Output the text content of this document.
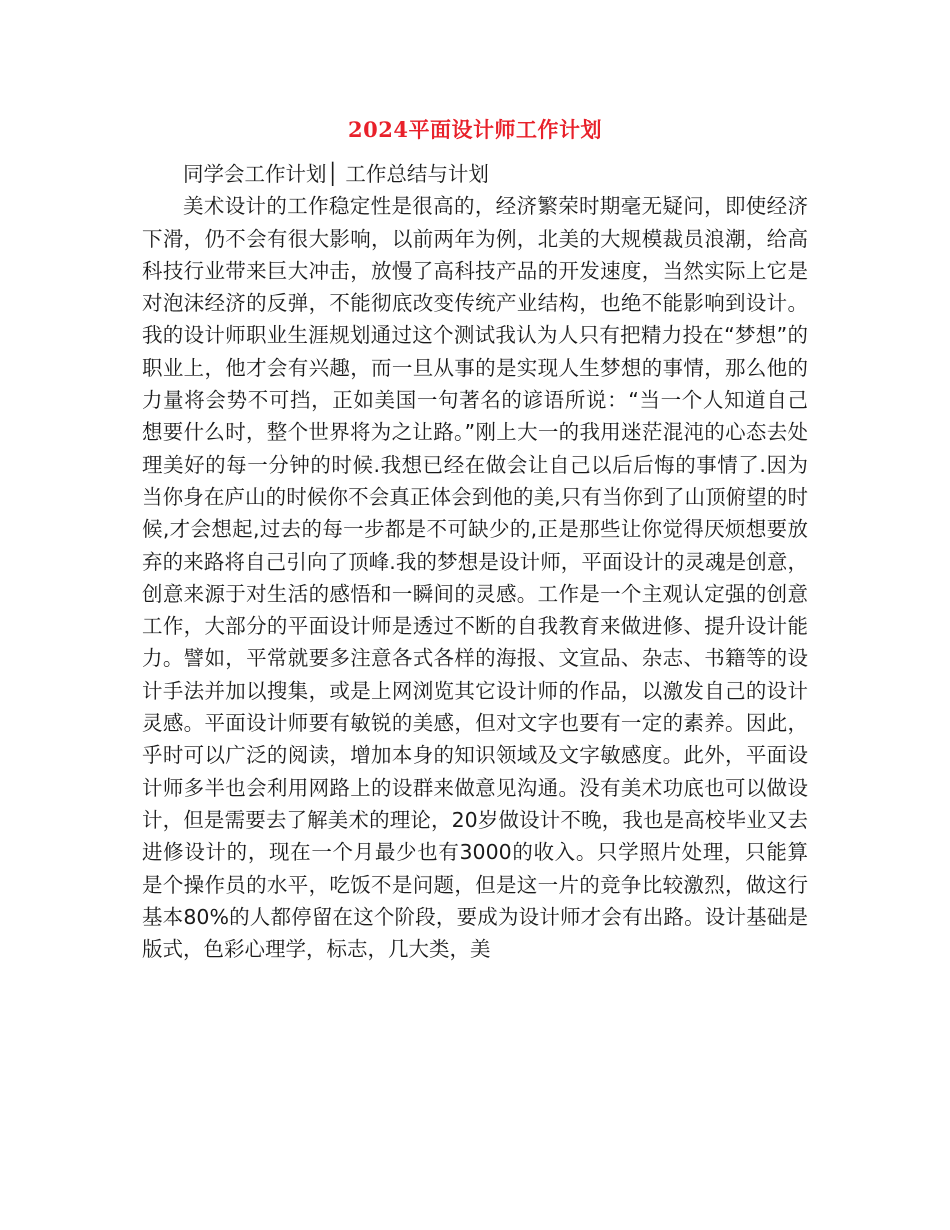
2024平面设计师工作计划

同学会工作计划│ 工作总结与计划

美术设计的工作稳定性是很高的，经济繁荣时期毫无疑问，即使经济下滑，仍不会有很大影响，以前两年为例，北美的大规模裁员浪潮，给高科技行业带来巨大冲击，放慢了高科技产品的开发速度，当然实际上它是对泡沫经济的反弹，不能彻底改变传统产业结构，也绝不能影响到设计。我的设计师职业生涯规划通过这个测试我认为人只有把精力投在“梦想”的职业上，他才会有兴趣，而一旦从事的是实现人生梦想的事情，那么他的力量将会势不可挡，正如美国一句著名的谚语所说：“当一个人知道自己想要什么时，整个世界将为之让路。”刚上大一的我用迷茫混沌的心态去处理美好的每一分钟的时候.我想已经在做会让自己以后后悔的事情了.因为当你身在庐山的时候你不会真正体会到他的美,只有当你到了山顶俯望的时候,才会想起,过去的每一步都是不可缺少的,正是那些让你觉得厌烦想要放弃的来路将自己引向了顶峰.我的梦想是设计师，平面设计的灵魂是创意，创意来源于对生活的感悟和一瞬间的灵感。工作是一个主观认定强的创意工作，大部分的平面设计师是透过不断的自我教育来做进修、提升设计能力。譬如，平常就要多注意各式各样的海报、文宣品、杂志、书籍等的设计手法并加以搜集，或是上网浏览其它设计师的作品，以激发自己的设计灵感。平面设计师要有敏锐的美感，但对文字也要有一定的素养。因此，乎时可以广泛的阅读，增加本身的知识领域及文字敏感度。此外，平面设计师多半也会利用网路上的设群来做意见沟通。没有美术功底也可以做设计，但是需要去了解美术的理论，20岁做设计不晚，我也是高校毕业又去进修设计的，现在一个月最少也有3000的收入。只学照片处理，只能算是个操作员的水平，吃饭不是问题，但是这一片的竞争比较激烈，做这行基本80%的人都停留在这个阶段，要成为设计师才会有出路。设计基础是版式，色彩心理学，标志，几大类，美
